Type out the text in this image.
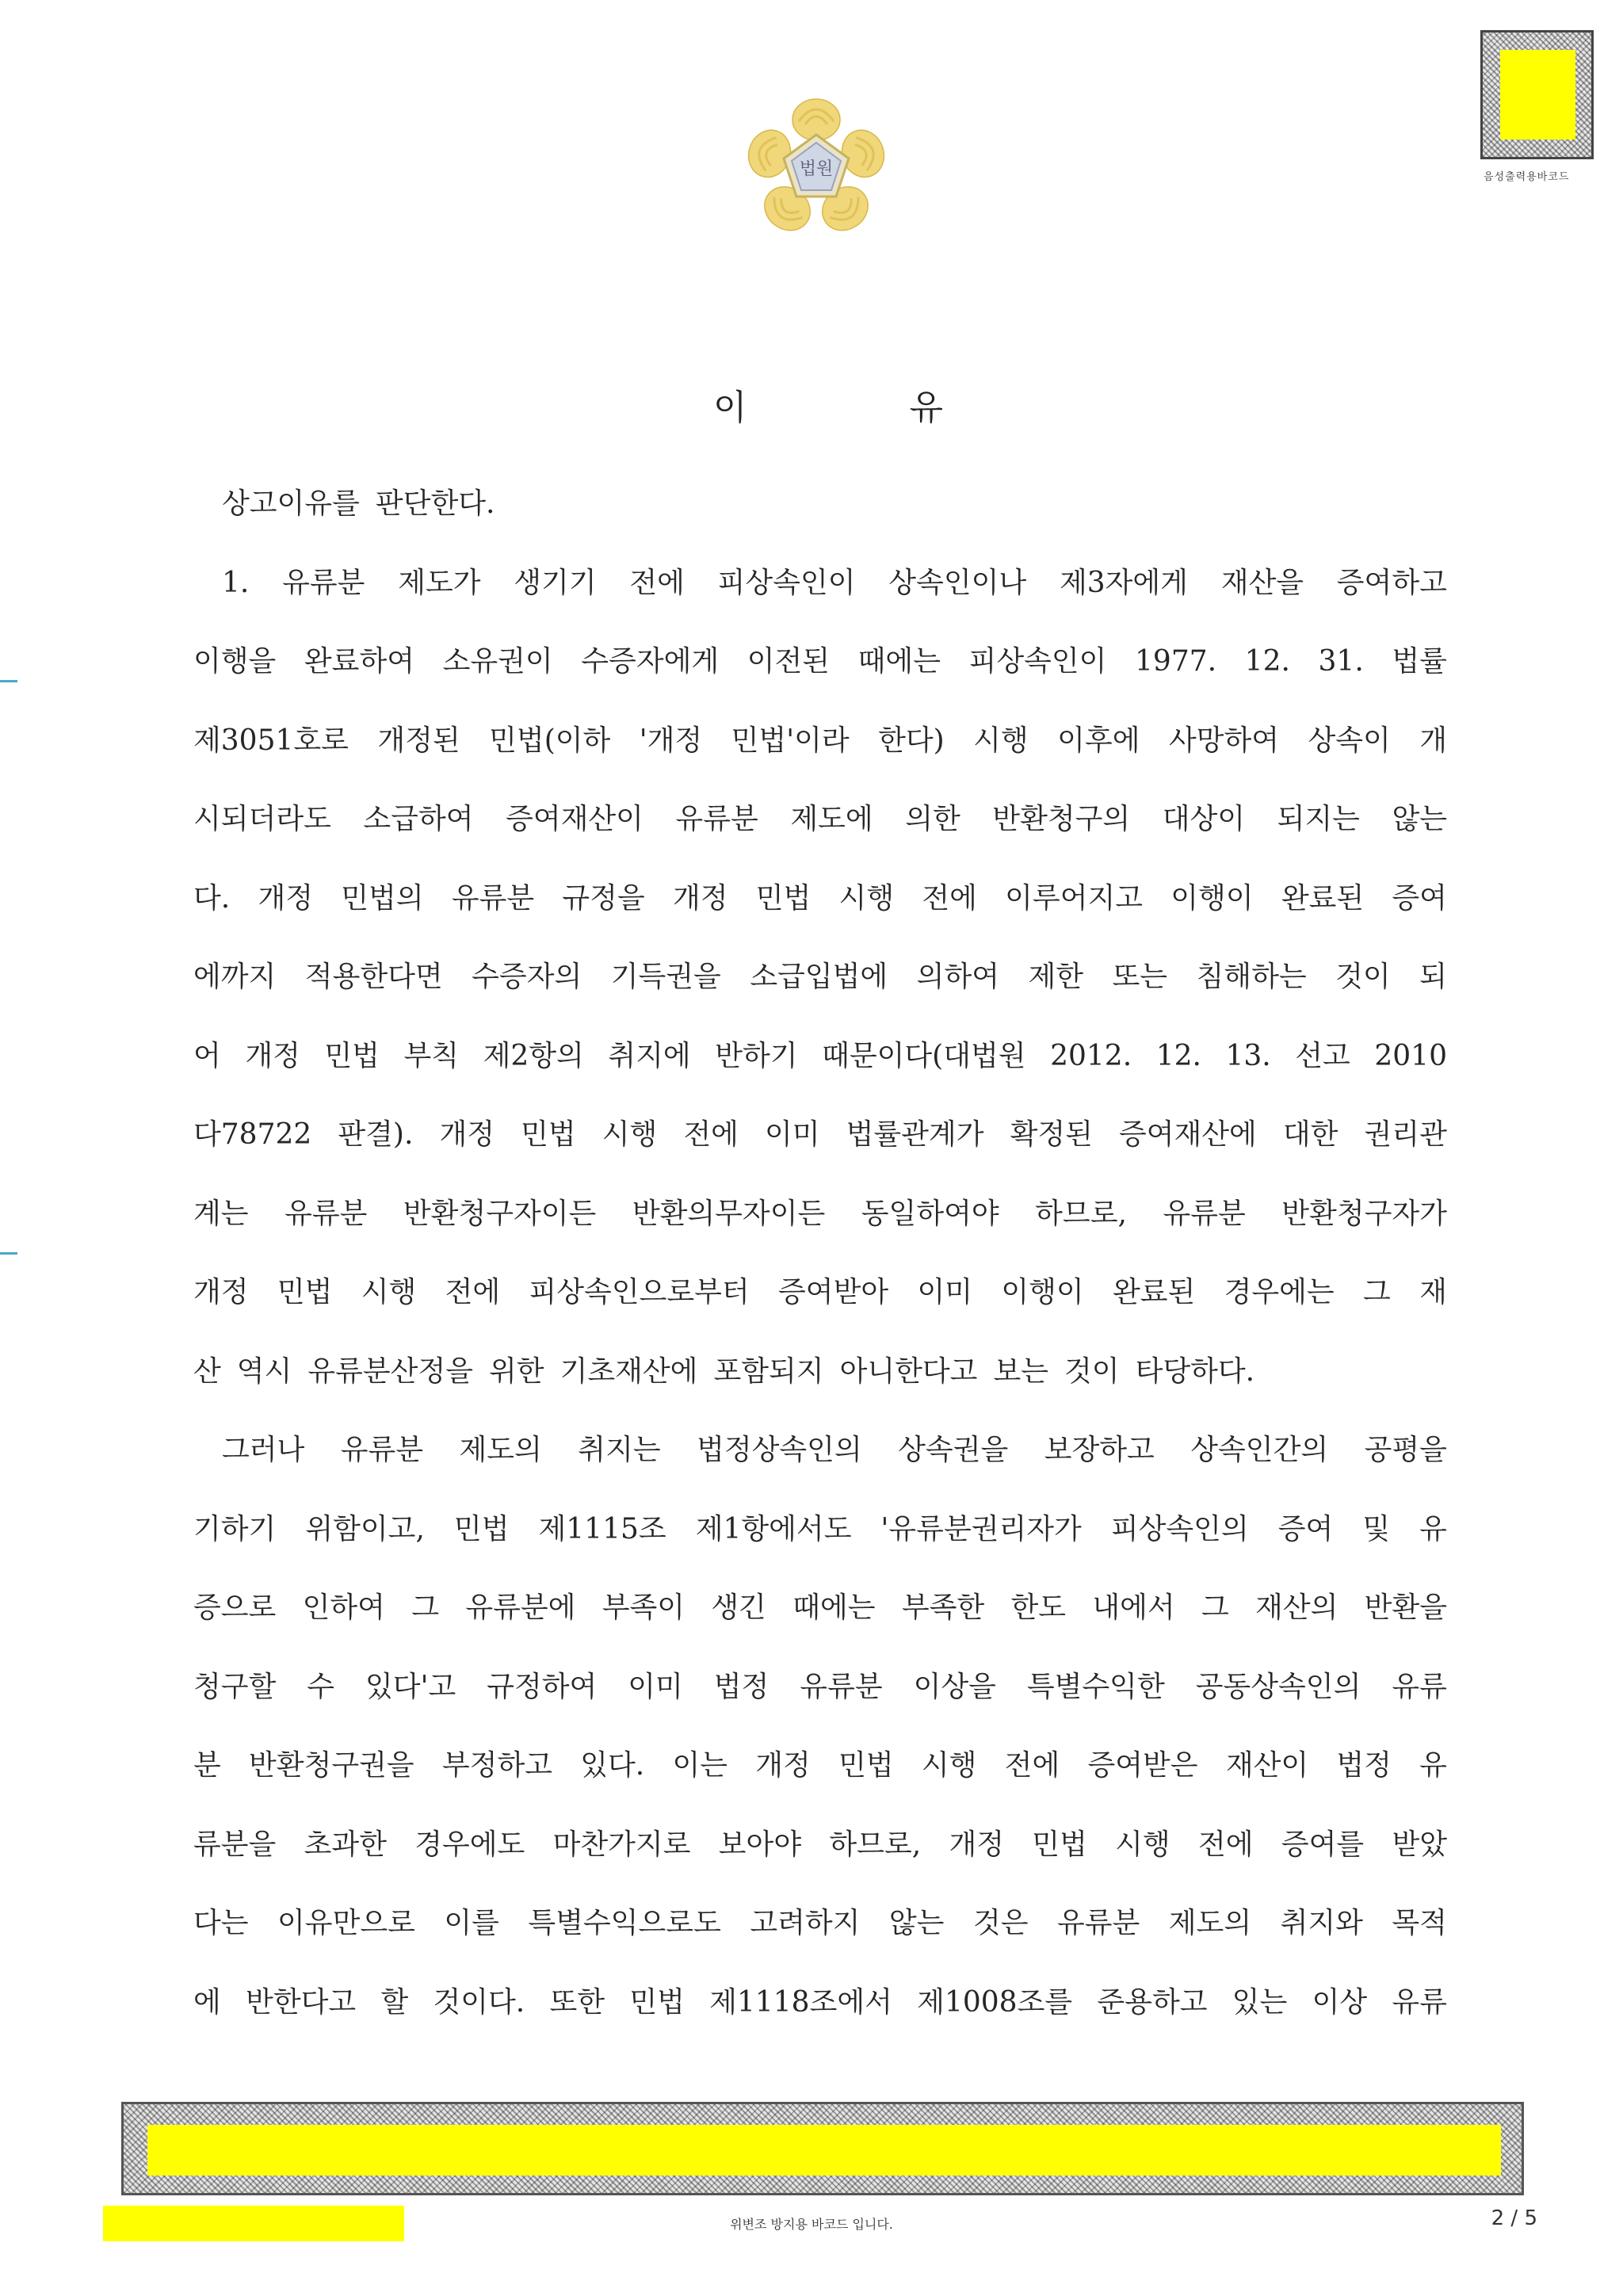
법원	음성출력용바코드
이	유
상고이유를 판단한다.
1. 유류분 제도가 생기기 전에 피상속인이 상속인이나 제3자에게 재산을 증여하고
이행을 완료하여 소유권이 수증자에게 이전된 때에는 피상속인이 1977. 12. 31. 법률
제3051호로 개정된 민법(이하 '개정 민법'이라 한다) 시행 이후에 사망하여 상속이 개
시되더라도 소급하여 증여재산이 유류분 제도에 의한 반환청구의 대상이 되지는 않는
다. 개정 민법의 유류분 규정을 개정 민법 시행 전에 이루어지고 이행이 완료된 증여
에까지 적용한다면 수증자의 기득권을 소급입법에 의하여 제한 또는 침해하는 것이 되
어 개정 민법 부칙 제2항의 취지에 반하기 때문이다(대법원 2012. 12. 13. 선고 2010
다78722 판결). 개정 민법 시행 전에 이미 법률관계가 확정된 증여재산에 대한 권리관
계는 유류분 반환청구자이든 반환의무자이든 동일하여야 하므로, 유류분 반환청구자가
개정 민법 시행 전에 피상속인으로부터 증여받아 이미 이행이 완료된 경우에는 그 재
산 역시 유류분산정을 위한 기초재산에 포함되지 아니한다고 보는 것이 타당하다.
그러나 유류분 제도의 취지는 법정상속인의 상속권을 보장하고 상속인간의 공평을
기하기 위함이고, 민법 제1115조 제1항에서도 '유류분권리자가 피상속인의 증여 및 유
증으로 인하여 그 유류분에 부족이 생긴 때에는 부족한 한도 내에서 그 재산의 반환을
청구할 수 있다'고 규정하여 이미 법정 유류분 이상을 특별수익한 공동상속인의 유류
분 반환청구권을 부정하고 있다. 이는 개정 민법 시행 전에 증여받은 재산이 법정 유
류분을 초과한 경우에도 마찬가지로 보아야 하므로, 개정 민법 시행 전에 증여를 받았
다는 이유만으로 이를 특별수익으로도 고려하지 않는 것은 유류분 제도의 취지와 목적
에 반한다고 할 것이다. 또한 민법 제1118조에서 제1008조를 준용하고 있는 이상 유류
위변조 방지용 바코드 입니다.	2 / 5
